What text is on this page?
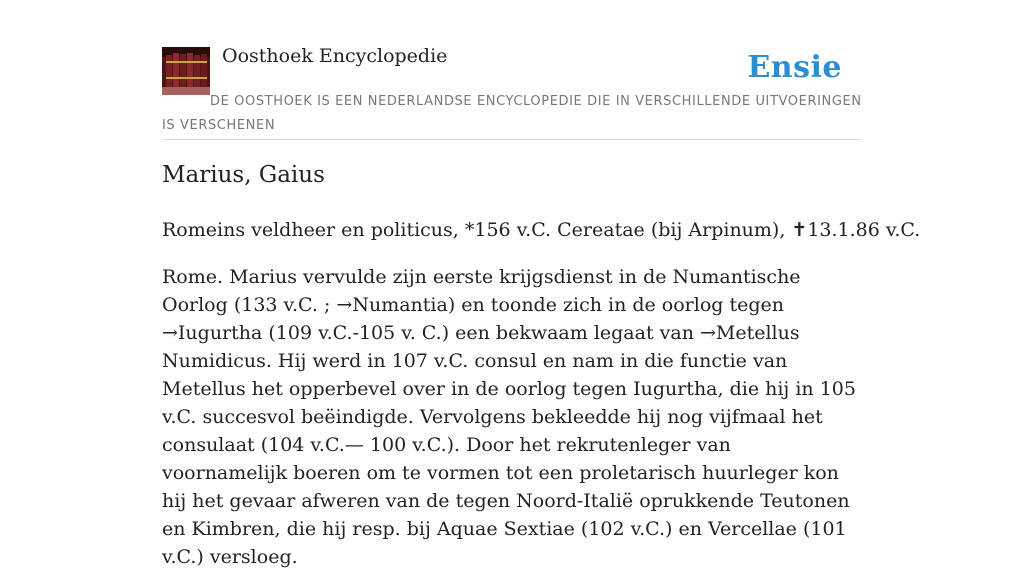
Oosthoek Encyclopedie	Ensie
DE OOSTHOEK IS EEN NEDERLANDSE ENCYCLOPEDIE DIE IN VERSCHILLENDE UITVOERINGEN IS VERSCHENEN
Marius, Gaius

Romeins veldheer en politicus, *156 v.C. Cereatae (bij Arpinum), ✝13.1.86 v.C.

Rome. Marius vervulde zijn eerste krijgsdienst in de Numantische Oorlog (133 v.C. ; →Numantia) en toonde zich in de oorlog tegen →Iugurtha (109 v.C.-105 v. C.) een bekwaam legaat van →Metellus Numidicus. Hij werd in 107 v.C. consul en nam in die functie van Metellus het opperbevel over in de oorlog tegen Iugurtha, die hij in 105 v.C. succesvol beëindigde. Vervolgens bekleedde hij nog vijfmaal het consulaat (104 v.C.— 100 v.C.). Door het rekrutenleger van voornamelijk boeren om te vormen tot een proletarisch huurleger kon hij het gevaar afweren van de tegen Noord-Italië oprukkende Teutonen en Kimbren, die hij resp. bij Aquae Sextiae (102 v.C.) en Vercellae (101 v.C.) versloeg.
